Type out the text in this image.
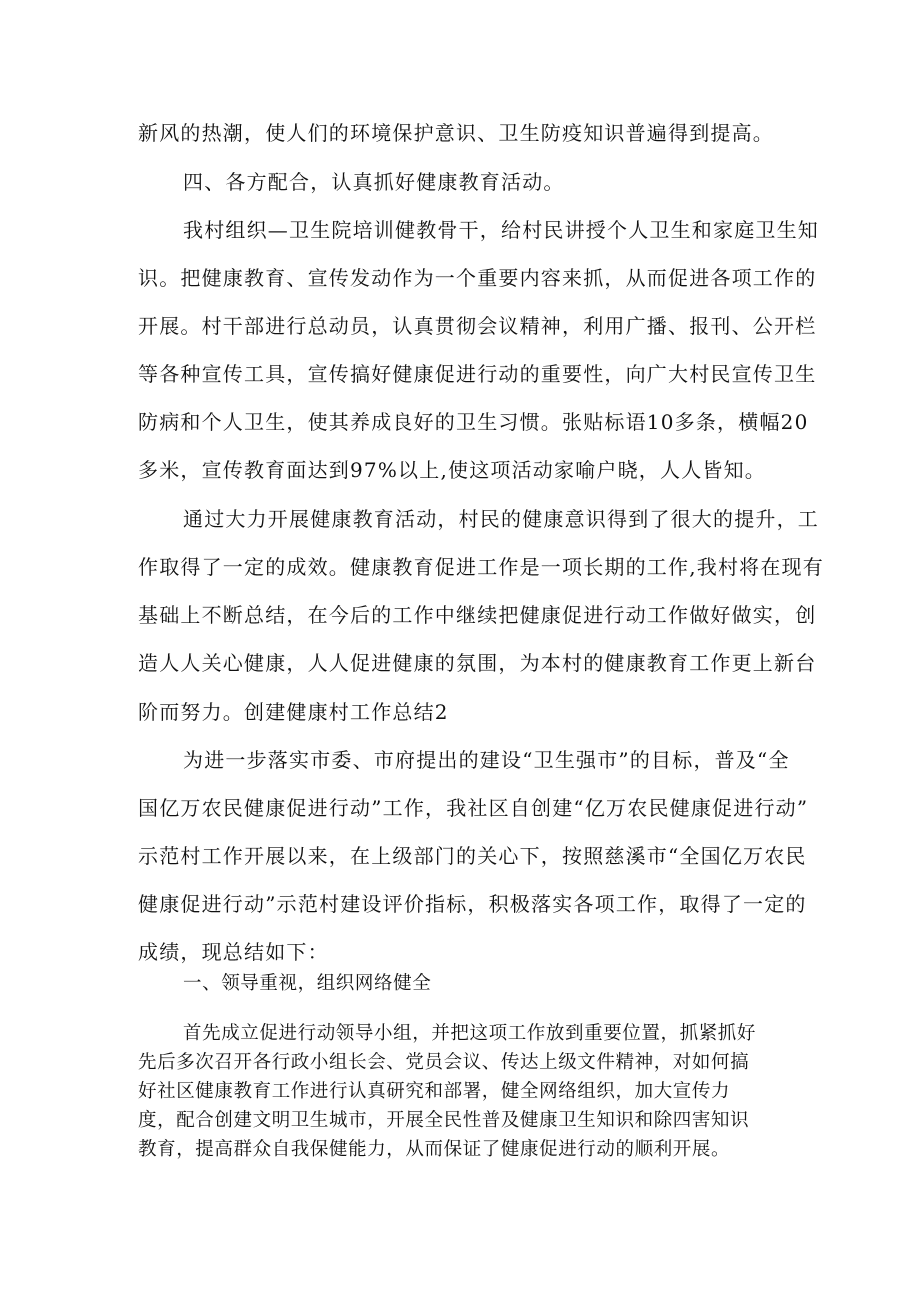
新风的热潮，使人们的环境保护意识、卫生防疫知识普遍得到提高。
四、各方配合，认真抓好健康教育活动。
我村组织—卫生院培训健教骨干，给村民讲授个人卫生和家庭卫生知
识。把健康教育、宣传发动作为一个重要内容来抓，从而促进各项工作的
开展。村干部进行总动员，认真贯彻会议精神，利用广播、报刊、公开栏
等各种宣传工具，宣传搞好健康促进行动的重要性，向广大村民宣传卫生
防病和个人卫生，使其养成良好的卫生习惯。张贴标语10多条，横幅20
多米，宣传教育面达到97%以上,使这项活动家喻户晓，人人皆知。
通过大力开展健康教育活动，村民的健康意识得到了很大的提升，工
作取得了一定的成效。健康教育促进工作是一项长期的工作,我村将在现有
基础上不断总结，在今后的工作中继续把健康促进行动工作做好做实，创
造人人关心健康，人人促进健康的氛围，为本村的健康教育工作更上新台
阶而努力。创建健康村工作总结2
为进一步落实市委、市府提出的建设“卫生强市”的目标，普及“全
国亿万农民健康促进行动”工作，我社区自创建“亿万农民健康促进行动”
示范村工作开展以来，在上级部门的关心下，按照慈溪市“全国亿万农民
健康促进行动”示范村建设评价指标，积极落实各项工作，取得了一定的
成绩，现总结如下：
一、领导重视，组织网络健全
首先成立促进行动领导小组，并把这项工作放到重要位置，抓紧抓好
先后多次召开各行政小组长会、党员会议、传达上级文件精神，对如何搞
好社区健康教育工作进行认真研究和部署，健全网络组织，加大宣传力
度，配合创建文明卫生城市，开展全民性普及健康卫生知识和除四害知识
教育，提高群众自我保健能力，从而保证了健康促进行动的顺利开展。
